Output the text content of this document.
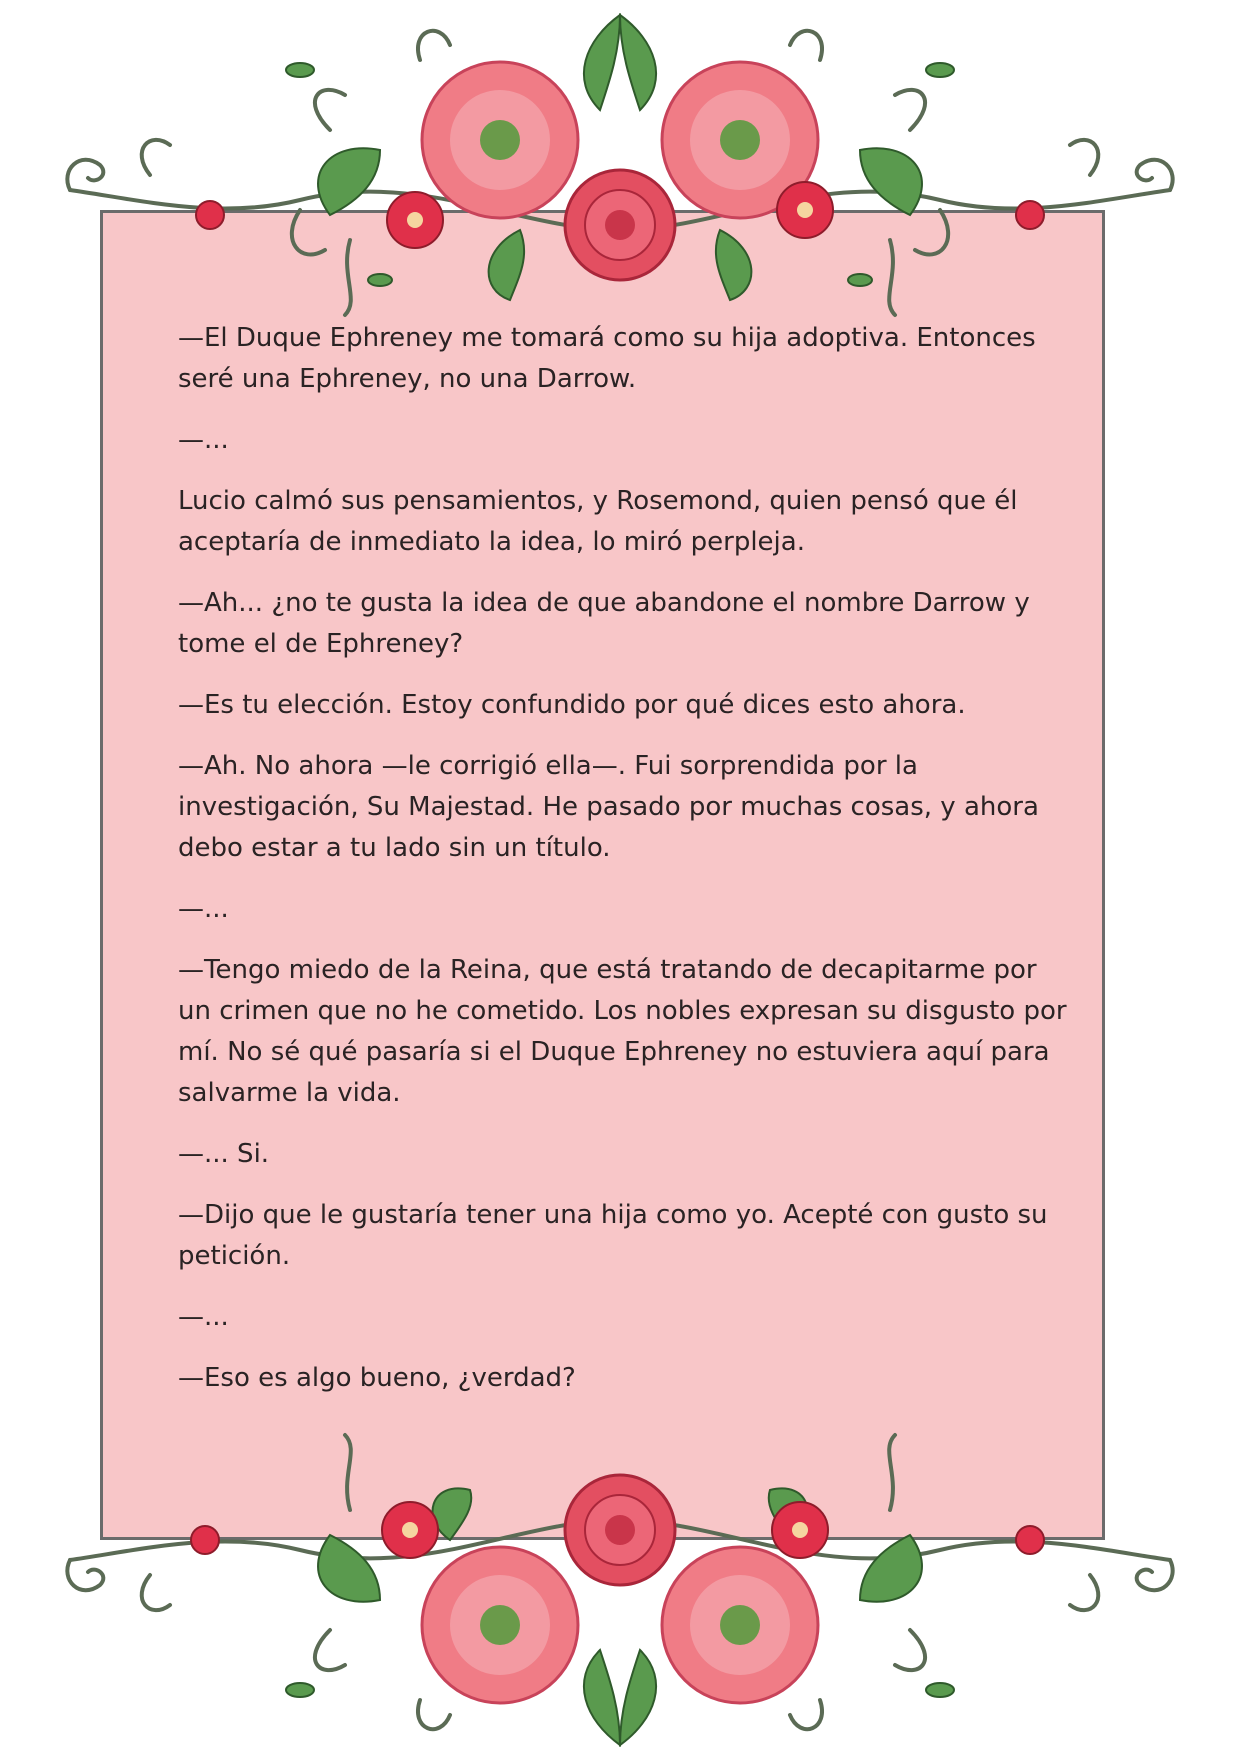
—El Duque Ephreney me tomará como su hija adoptiva. Entonces seré una Ephreney, no una Darrow.

—...

Lucio calmó sus pensamientos, y Rosemond, quien pensó que él aceptaría de inmediato la idea, lo miró perpleja.

—Ah... ¿no te gusta la idea de que abandone el nombre Darrow y tome el de Ephreney?

—Es tu elección. Estoy confundido por qué dices esto ahora.

—Ah. No ahora —le corrigió ella—. Fui sorprendida por la investigación, Su Majestad. He pasado por muchas cosas, y ahora debo estar a tu lado sin un título.

—...

—Tengo miedo de la Reina, que está tratando de decapitarme por un crimen que no he cometido. Los nobles expresan su disgusto por mí. No sé qué pasaría si el Duque Ephreney no estuviera aquí para salvarme la vida.

—... Si.

—Dijo que le gustaría tener una hija como yo. Acepté con gusto su petición.

—...

—Eso es algo bueno, ¿verdad?
